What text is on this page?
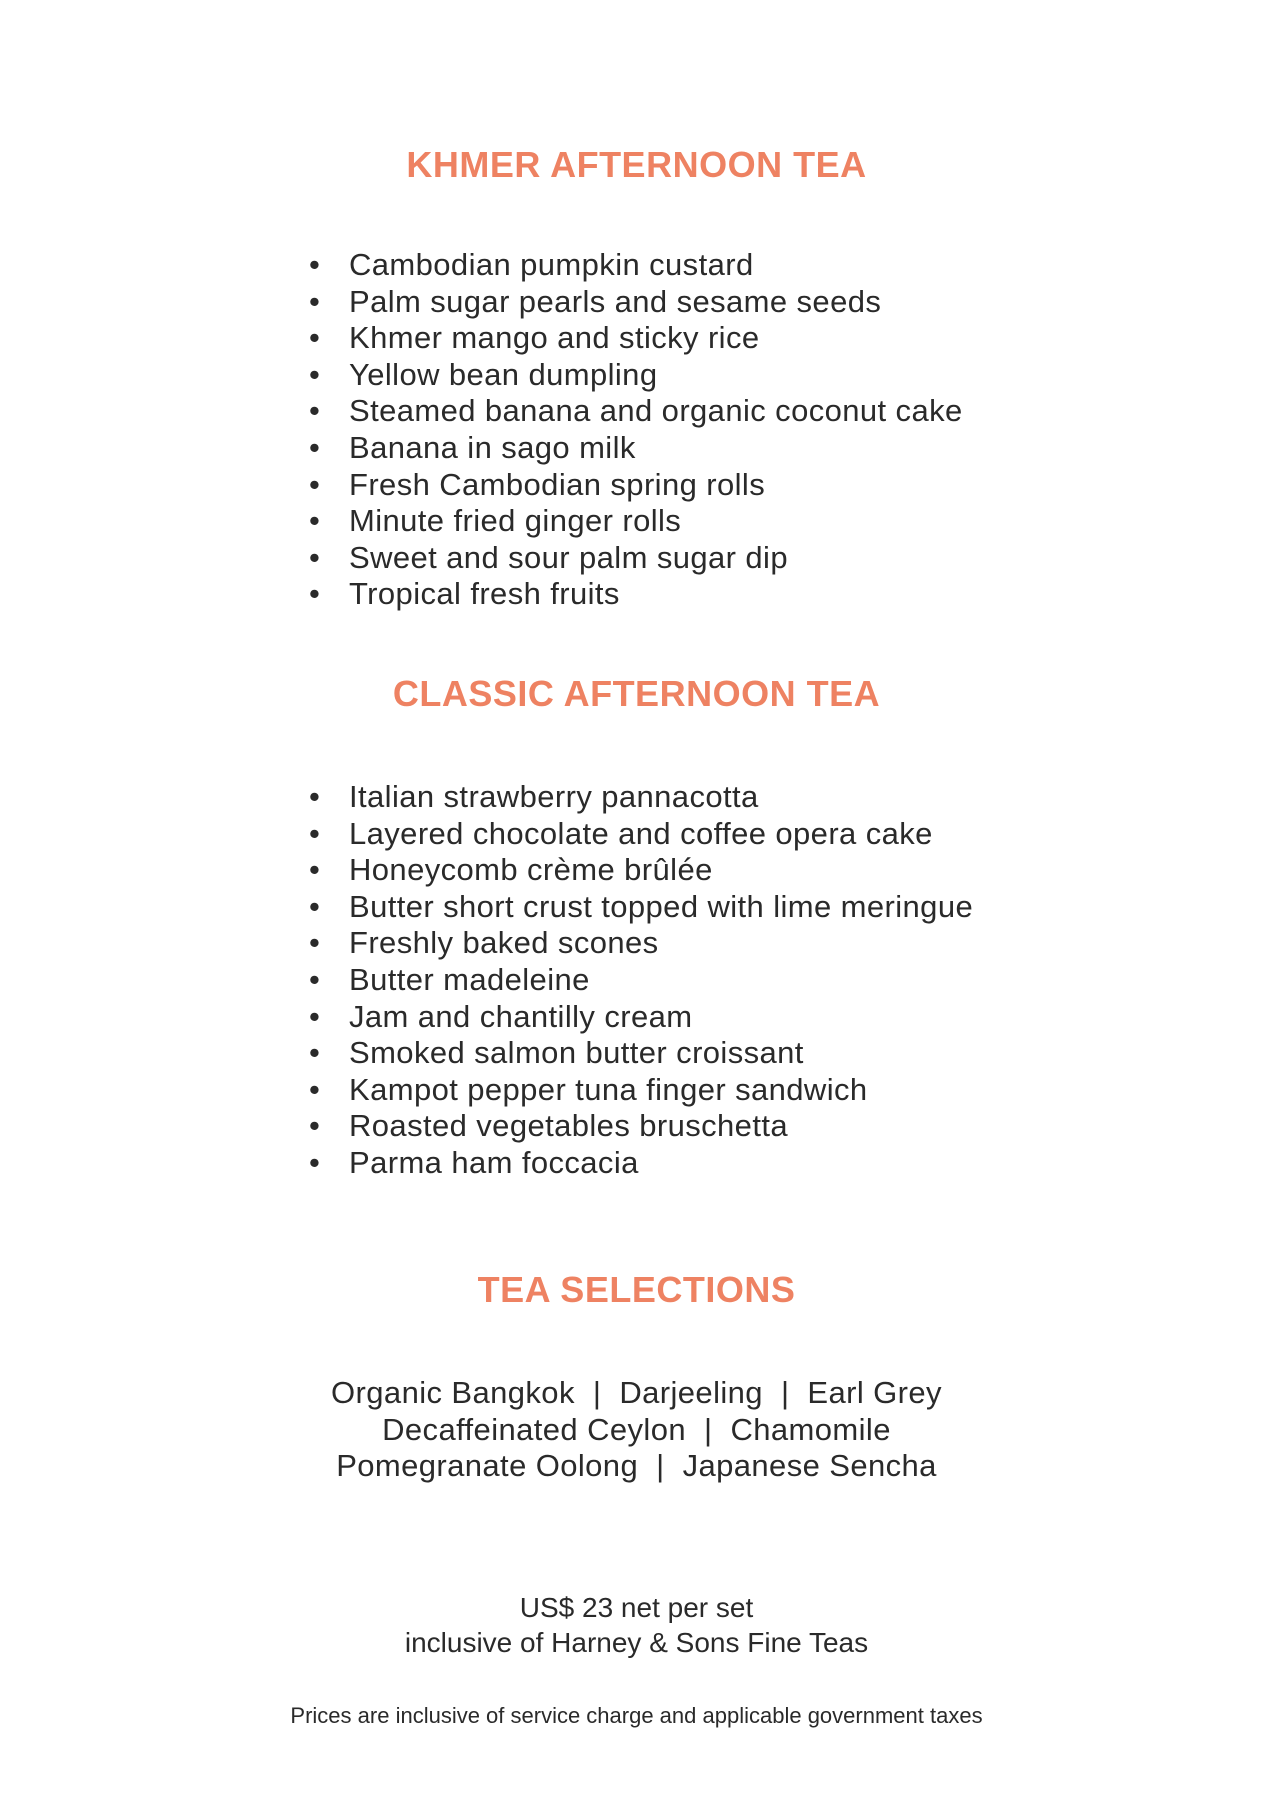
KHMER AFTERNOON TEA
• Cambodian pumpkin custard
• Palm sugar pearls and sesame seeds
• Khmer mango and sticky rice
• Yellow bean dumpling
• Steamed banana and organic coconut cake
• Banana in sago milk
• Fresh Cambodian spring rolls
• Minute fried ginger rolls
• Sweet and sour palm sugar dip
• Tropical fresh fruits
CLASSIC AFTERNOON TEA
• Italian strawberry pannacotta
• Layered chocolate and coffee opera cake
• Honeycomb crème brûlée
• Butter short crust topped with lime meringue
• Freshly baked scones
• Butter madeleine
• Jam and chantilly cream
• Smoked salmon butter croissant
• Kampot pepper tuna finger sandwich
• Roasted vegetables bruschetta
• Parma ham foccacia
TEA SELECTIONS
Organic Bangkok  |  Darjeeling  |  Earl Grey
Decaffeinated Ceylon  |  Chamomile
Pomegranate Oolong  |  Japanese Sencha
US$ 23 net per set
inclusive of Harney & Sons Fine Teas
Prices are inclusive of service charge and applicable government taxes
